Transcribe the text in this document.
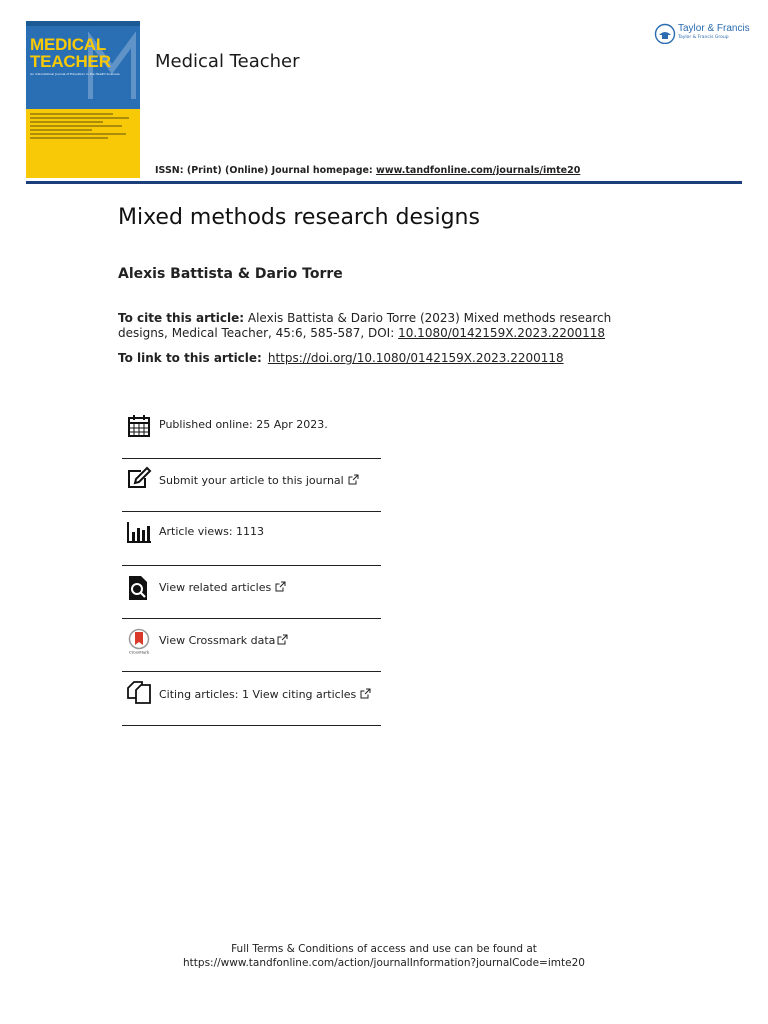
MEDICAL
TEACHER
An International Journal of Education in the Health Sciences
Medical Teacher
Taylor & Francis
Taylor & Francis Group
ISSN: (Print) (Online) Journal homepage: www.tandfonline.com/journals/imte20
Mixed methods research designs
Alexis Battista & Dario Torre
To cite this article: Alexis Battista & Dario Torre (2023) Mixed methods research designs, Medical Teacher, 45:6, 585-587, DOI: 10.1080/0142159X.2023.2200118
To link to this article: https://doi.org/10.1080/0142159X.2023.2200118
Published online: 25 Apr 2023.
Submit your article to this journal
Article views: 1113
View related articles
CrossMark
View Crossmark data
Citing articles: 1 View citing articles
Full Terms & Conditions of access and use can be found at
https://www.tandfonline.com/action/journalInformation?journalCode=imte20
